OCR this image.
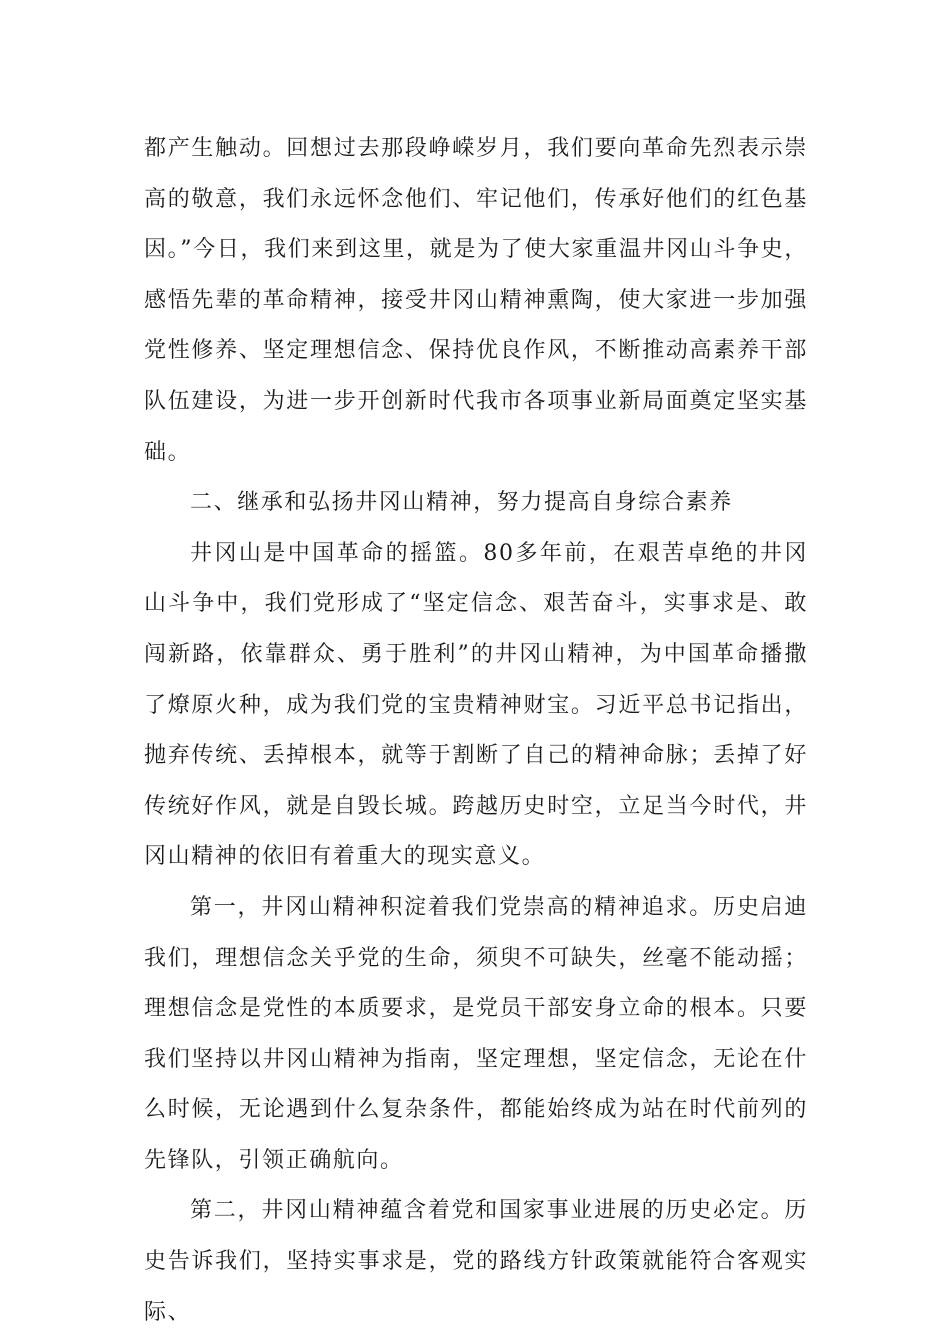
都产生触动。回想过去那段峥嵘岁月，我们要向革命先烈表示崇高的敬意，我们永远怀念他们、牢记他们，传承好他们的红色基因。”今日，我们来到这里，就是为了使大家重温井冈山斗争史，感悟先辈的革命精神，接受井冈山精神熏陶，使大家进一步加强党性修养、坚定理想信念、保持优良作风，不断推动高素养干部队伍建设，为进一步开创新时代我市各项事业新局面奠定坚实基础。

二、继承和弘扬井冈山精神，努力提高自身综合素养

井冈山是中国革命的摇篮。80多年前，在艰苦卓绝的井冈山斗争中，我们党形成了“坚定信念、艰苦奋斗，实事求是、敢闯新路，依靠群众、勇于胜利”的井冈山精神，为中国革命播撒了燎原火种，成为我们党的宝贵精神财宝。习近平总书记指出，抛弃传统、丢掉根本，就等于割断了自己的精神命脉；丢掉了好传统好作风，就是自毁长城。跨越历史时空，立足当今时代，井冈山精神的依旧有着重大的现实意义。

第一，井冈山精神积淀着我们党崇高的精神追求。历史启迪我们，理想信念关乎党的生命，须臾不可缺失，丝毫不能动摇；理想信念是党性的本质要求，是党员干部安身立命的根本。只要我们坚持以井冈山精神为指南，坚定理想，坚定信念，无论在什么时候，无论遇到什么复杂条件，都能始终成为站在时代前列的先锋队，引领正确航向。

第二，井冈山精神蕴含着党和国家事业进展的历史必定。历史告诉我们，坚持实事求是，党的路线方针政策就能符合客观实际、
